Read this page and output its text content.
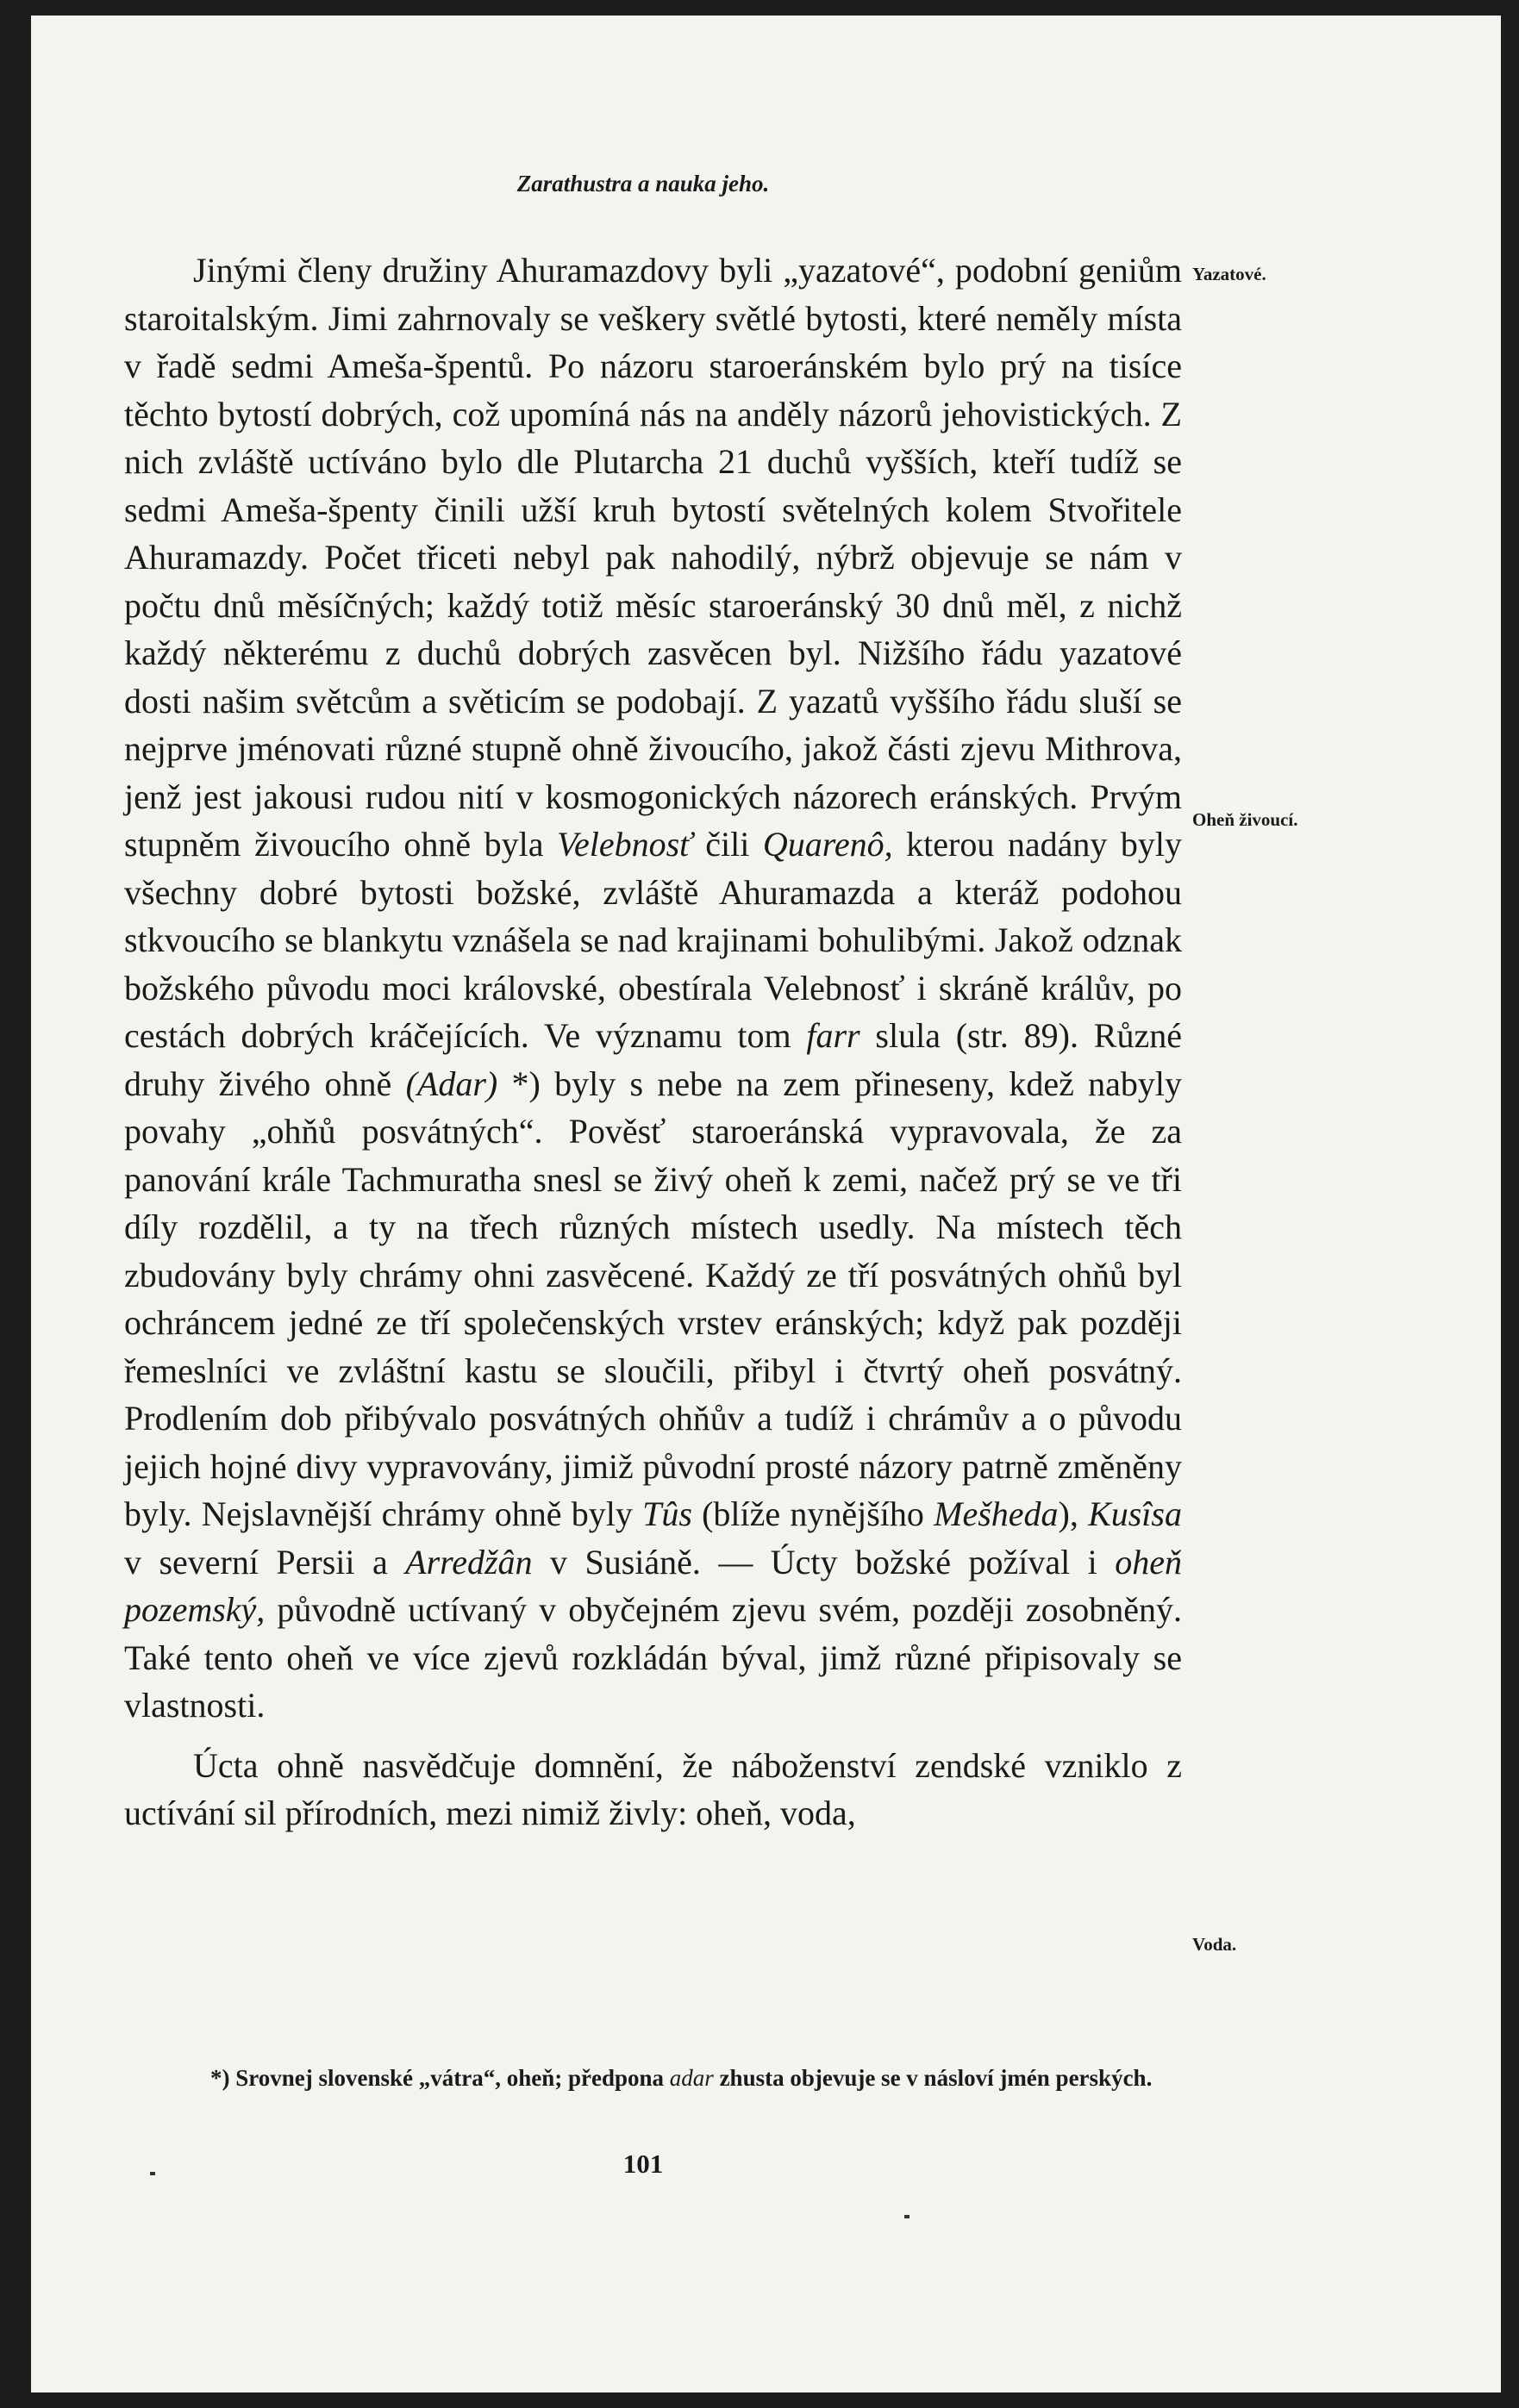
Zarathustra a nauka jeho.

Jinými členy družiny Ahuramazdovy byli „yazatové“, podobní geniům staroitalským. Jimi zahrnovaly se veškery světlé bytosti, které neměly místa v řadě sedmi Ameša-špentů. Po názoru staroeránském bylo prý na tisíce těchto bytostí dobrých, což upomíná nás na anděly názorů jehovistických. Z nich zvláště uctíváno bylo dle Plutarcha 21 duchů vyšších, kteří tudíž se sedmi Ameša-špenty činili užší kruh bytostí světelných kolem Stvořitele Ahuramazdy. Počet třiceti nebyl pak nahodilý, nýbrž objevuje se nám v počtu dnů měsíčných; každý totiž měsíc staroeránský 30 dnů měl, z nichž každý některému z duchů dobrých zasvěcen byl. Nižšího řádu yazatové dosti našim světcům a světicím se podobají. Z yazatů vyššího řádu sluší se nejprve jménovati různé stupně ohně živoucího, jakož části zjevu Mithrova, jenž jest jakousi rudou nití v kosmogonických názorech eránských. Prvým stupněm živoucího ohně byla Velebnosť čili Quarenô, kterou nadány byly všechny dobré bytosti božské, zvláště Ahuramazda a kteráž podohou stkvoucího se blankytu vznášela se nad krajinami bohulibými. Jakož odznak božského původu moci královské, obestírala Velebnosť i skráně králův, po cestách dobrých kráčejících. Ve významu tom farr slula (str. 89). Různé druhy živého ohně (Adar) *) byly s nebe na zem přineseny, kdež nabyly povahy „ohňů posvátných“. Pověsť staroeránská vypravovala, že za panování krále Tachmuratha snesl se živý oheň k zemi, načež prý se ve tři díly rozdělil, a ty na třech různých místech usedly. Na místech těch zbudovány byly chrámy ohni zasvěcené. Každý ze tří posvátných ohňů byl ochráncem jedné ze tří společenských vrstev eránských; když pak později řemeslníci ve zvláštní kastu se sloučili, přibyl i čtvrtý oheň posvátný. Prodlením dob přibývalo posvátných ohňův a tudíž i chrámův a o původu jejich hojné divy vypravovány, jimiž původní prosté názory patrně změněny byly. Nejslavnější chrámy ohně byly Tûs (blíže nynějšího Mešheda), Kusîsa v severní Persii a Arredžân v Susiáně. — Úcty božské požíval i oheň pozemský, původně uctívaný v obyčejném zjevu svém, později zosobněný. Také tento oheň ve více zjevů rozkládán býval, jimž různé připisovaly se vlastnosti.

Úcta ohně nasvědčuje domnění, že náboženství zendské vzniklo z uctívání sil přírodních, mezi nimiž živly: oheň, voda,

Yazatové.
Oheň živoucí.
Voda.
*) Srovnej slovenské „vátra“, oheň; předpona adar zhusta objevuje se v násloví jmén perských.
101
